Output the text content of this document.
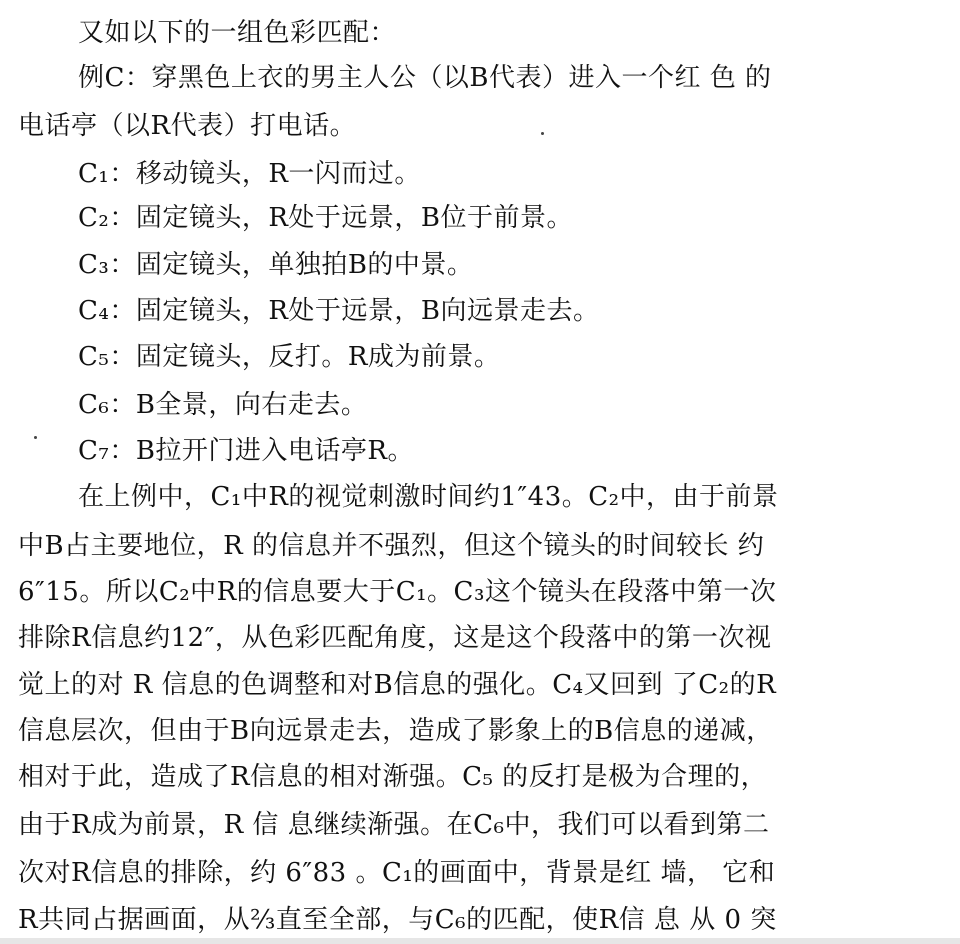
又如以下的一组色彩匹配：
例C：穿黑色上衣的男主人公（以B代表）进入一个红 色 的
电话亭（以R代表）打电话。
C₁：移动镜头，R一闪而过。
C₂：固定镜头，R处于远景，B位于前景。
C₃：固定镜头，单独拍B的中景。
C₄：固定镜头，R处于远景，B向远景走去。
C₅：固定镜头，反打。R成为前景。
C₆：B全景，向右走去。
C₇：B拉开门进入电话亭R。
在上例中，C₁中R的视觉刺激时间约1″43。C₂中，由于前景
中B占主要地位，R 的信息并不强烈，但这个镜头的时间较长 约
6″15。所以C₂中R的信息要大于C₁。C₃这个镜头在段落中第一次
排除R信息约12″，从色彩匹配角度，这是这个段落中的第一次视
觉上的对 R 信息的色调整和对B信息的强化。C₄又回到 了C₂的R
信息层次，但由于B向远景走去，造成了影象上的B信息的递减，
相对于此，造成了R信息的相对渐强。C₅ 的反打是极为合理的，
由于R成为前景，R 信 息继续渐强。在C₆中，我们可以看到第二
次对R信息的排除，约 6″83 。C₁的画面中，背景是红 墙， 它和
R共同占据画面，从⅔直至全部，与C₆的匹配，使R信 息 从 0 突
